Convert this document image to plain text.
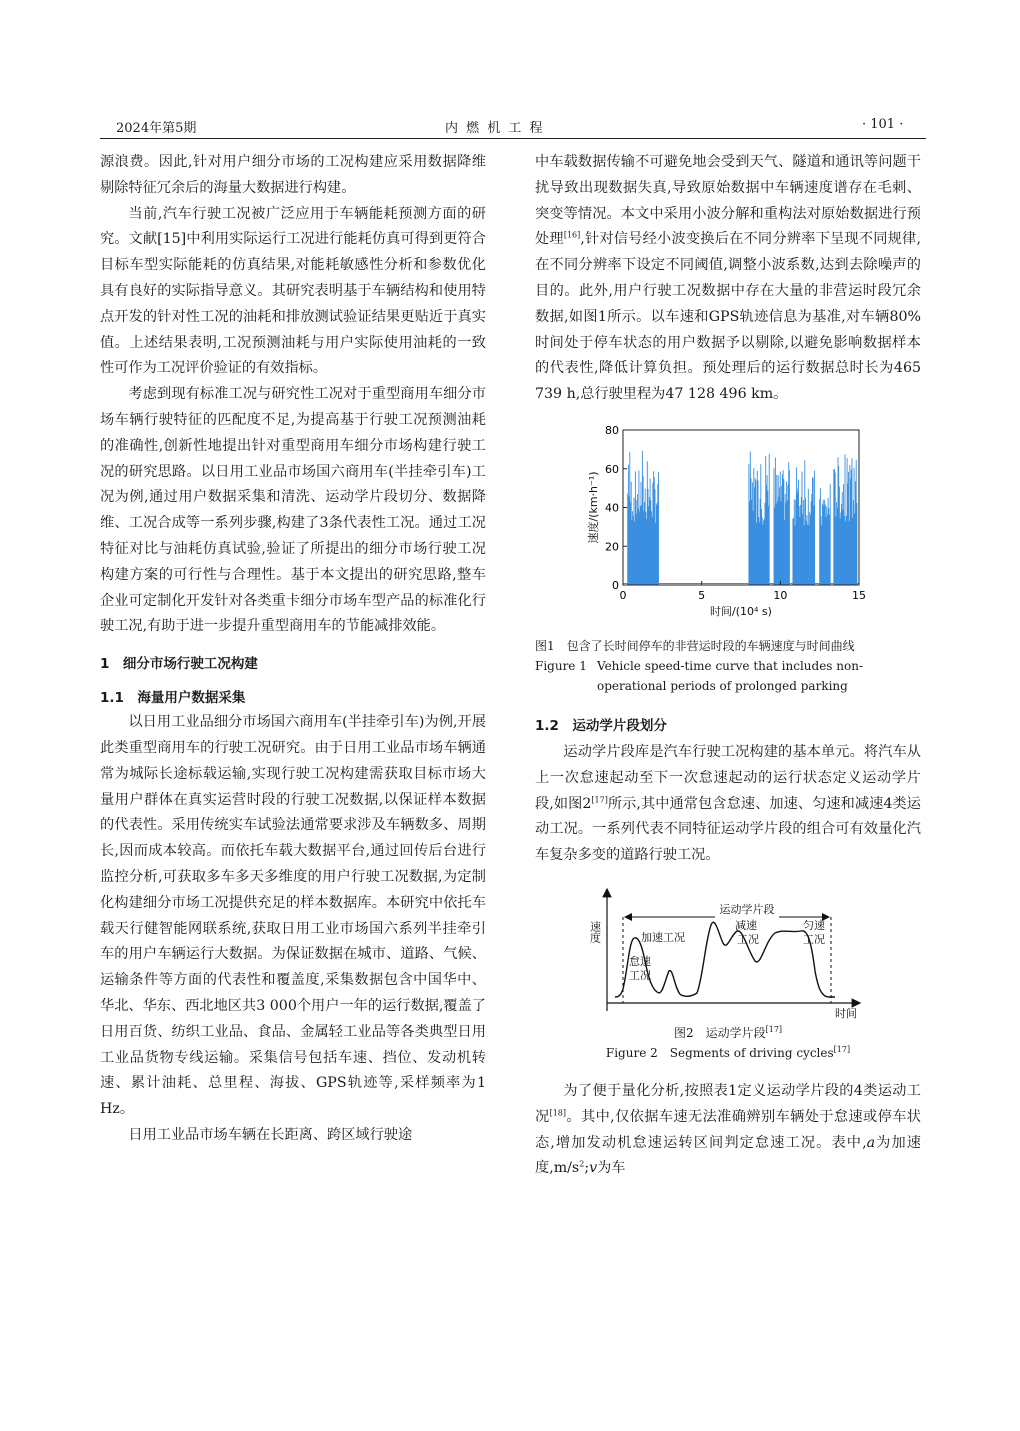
2024年第5期	内 燃 机 工 程	· 101 ·

源浪费。因此,针对用户细分市场的工况构建应采用数据降维剔除特征冗余后的海量大数据进行构建。

当前,汽车行驶工况被广泛应用于车辆能耗预测方面的研究。文献[15]中利用实际运行工况进行能耗仿真可得到更符合目标车型实际能耗的仿真结果,对能耗敏感性分析和参数优化具有良好的实际指导意义。其研究表明基于车辆结构和使用特点开发的针对性工况的油耗和排放测试验证结果更贴近于真实值。上述结果表明,工况预测油耗与用户实际使用油耗的一致性可作为工况评价验证的有效指标。

考虑到现有标准工况与研究性工况对于重型商用车细分市场车辆行驶特征的匹配度不足,为提高基于行驶工况预测油耗的准确性,创新性地提出针对重型商用车细分市场构建行驶工况的研究思路。以日用工业品市场国六商用车(半挂牵引车)工况为例,通过用户数据采集和清洗、运动学片段切分、数据降维、工况合成等一系列步骤,构建了3条代表性工况。通过工况特征对比与油耗仿真试验,验证了所提出的细分市场行驶工况构建方案的可行性与合理性。基于本文提出的研究思路,整车企业可定制化开发针对各类重卡细分市场车型产品的标准化行驶工况,有助于进一步提升重型商用车的节能减排效能。

1　细分市场行驶工况构建
1.1　海量用户数据采集

以日用工业品细分市场国六商用车(半挂牵引车)为例,开展此类重型商用车的行驶工况研究。由于日用工业品市场车辆通常为城际长途标载运输,实现行驶工况构建需获取目标市场大量用户群体在真实运营时段的行驶工况数据,以保证样本数据的代表性。采用传统实车试验法通常要求涉及车辆数多、周期长,因而成本较高。而依托车载大数据平台,通过回传后台进行监控分析,可获取多车多天多维度的用户行驶工况数据,为定制化构建细分市场工况提供充足的样本数据库。本研究中依托车载天行健智能网联系统,获取日用工业市场国六系列半挂牵引车的用户车辆运行大数据。为保证数据在城市、道路、气候、运输条件等方面的代表性和覆盖度,采集数据包含中国华中、华北、华东、西北地区共3 000个用户一年的运行数据,覆盖了日用百货、纺织工业品、食品、金属轻工业品等各类典型日用工业品货物专线运输。采集信号包括车速、挡位、发动机转速、累计油耗、总里程、海拔、GPS轨迹等,采样频率为1 Hz。

日用工业品市场车辆在长距离、跨区域行驶途

中车载数据传输不可避免地会受到天气、隧道和通讯等问题干扰导致出现数据失真,导致原始数据中车辆速度谱存在毛刺、突变等情况。本文中采用小波分解和重构法对原始数据进行预处理[16],针对信号经小波变换后在不同分辨率下呈现不同规律,在不同分辨率下设定不同阈值,调整小波系数,达到去除噪声的目的。此外,用户行驶工况数据中存在大量的非营运时段冗余数据,如图1所示。以车速和GPS轨迹信息为基准,对车辆80%时间处于停车状态的用户数据予以剔除,以避免影响数据样本的代表性,降低计算负担。预处理后的运行数据总时长为465 739 h,总行驶里程为47 128 496 km。

0
20
40
60
80
0	5	10	15
时间/(10⁴ s)
速度/(km·h⁻¹)
图1　包含了长时间停车的非营运时段的车辆速度与时间曲线
Figure 1 Vehicle speed-time curve that includes non-operational periods of prolonged parking
1.2　运动学片段划分

运动学片段库是汽车行驶工况构建的基本单元。将汽车从上一次怠速起动至下一次怠速起动的运行状态定义运动学片段,如图2[17]所示,其中通常包含怠速、加速、匀速和减速4类运动工况。一系列代表不同特征运动学片段的组合可有效量化汽车复杂多变的道路行驶工况。

速度
时间
运动学片段
加速工况
减速
工况
匀速
工况
怠速
工况
图2　运动学片段[17]
Figure 2　Segments of driving cycles[17]

为了便于量化分析,按照表1定义运动学片段的4类运动工况[18]。其中,仅依据车速无法准确辨别车辆处于怠速或停车状态,增加发动机怠速运转区间判定怠速工况。表中,a为加速度$,m/s^2;v$为车
